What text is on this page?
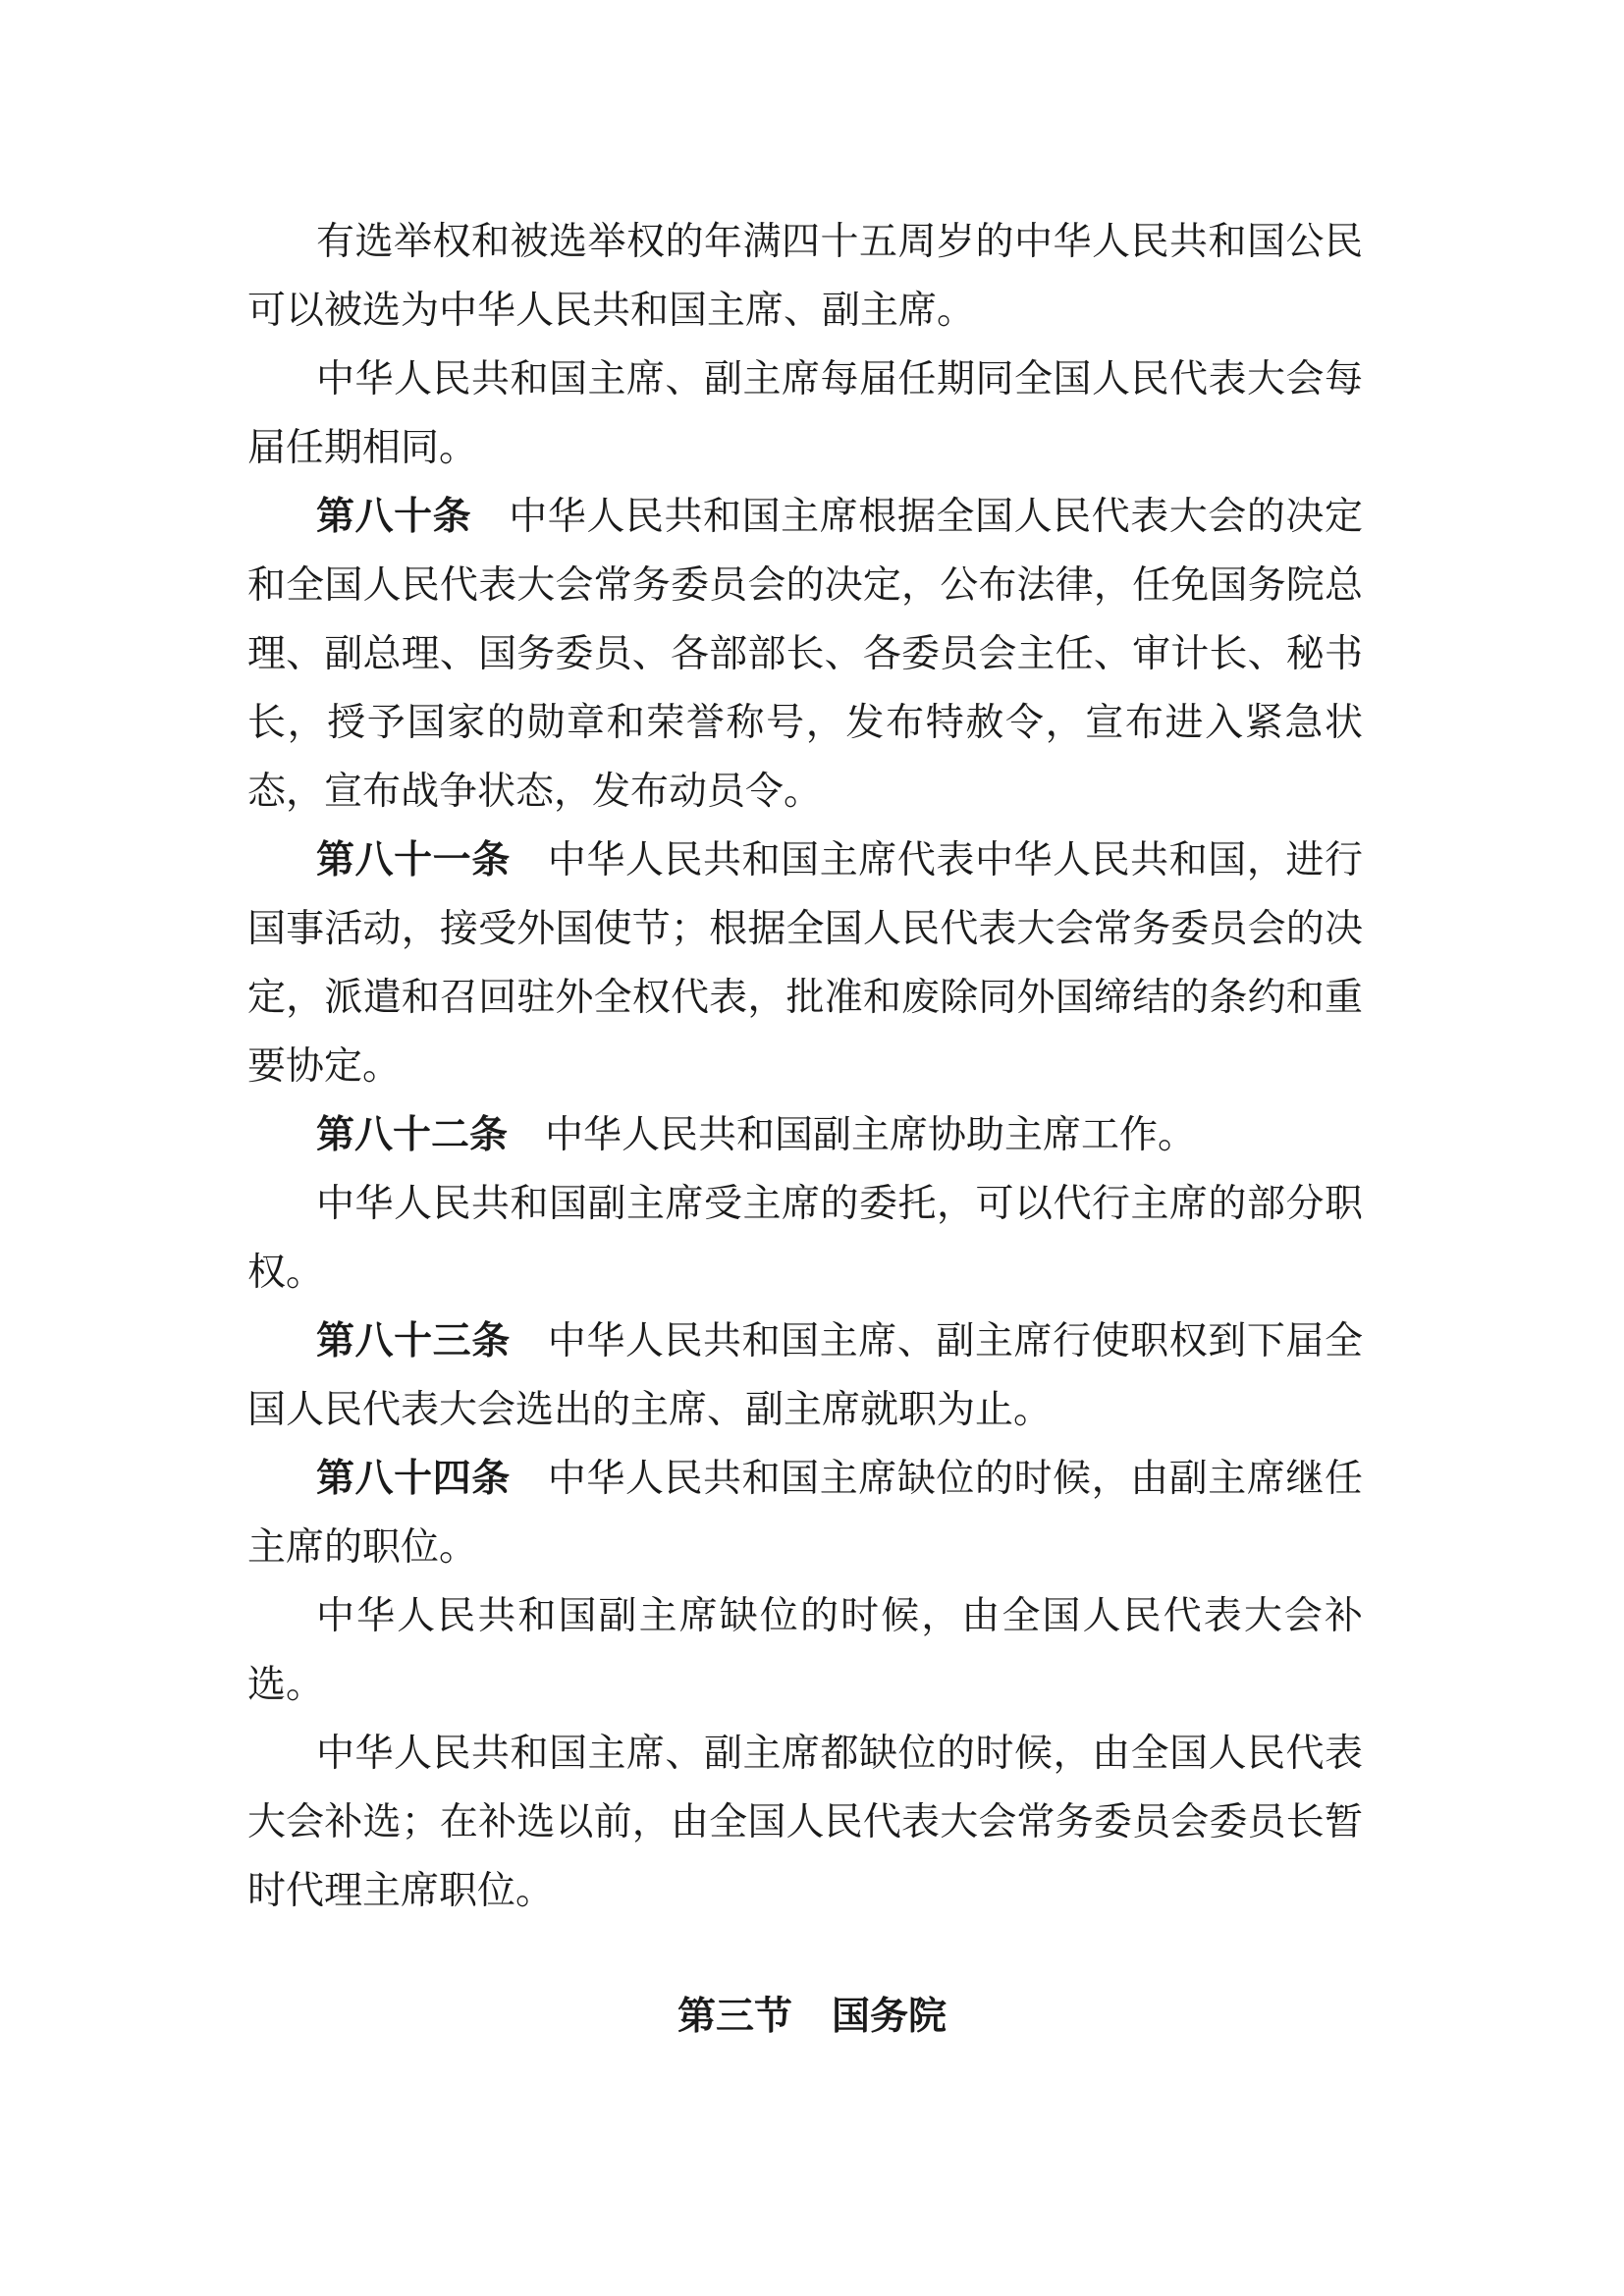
有选举权和被选举权的年满四十五周岁的中华人民共和国公民可以被选为中华人民共和国主席、副主席。

中华人民共和国主席、副主席每届任期同全国人民代表大会每届任期相同。

第八十条 中华人民共和国主席根据全国人民代表大会的决定和全国人民代表大会常务委员会的决定，公布法律，任免国务院总理、副总理、国务委员、各部部长、各委员会主任、审计长、秘书长，授予国家的勋章和荣誉称号，发布特赦令，宣布进入紧急状态，宣布战争状态，发布动员令。

第八十一条 中华人民共和国主席代表中华人民共和国，进行国事活动，接受外国使节；根据全国人民代表大会常务委员会的决定，派遣和召回驻外全权代表，批准和废除同外国缔结的条约和重要协定。

第八十二条 中华人民共和国副主席协助主席工作。

中华人民共和国副主席受主席的委托，可以代行主席的部分职权。

第八十三条 中华人民共和国主席、副主席行使职权到下届全国人民代表大会选出的主席、副主席就职为止。

第八十四条 中华人民共和国主席缺位的时候，由副主席继任主席的职位。

中华人民共和国副主席缺位的时候，由全国人民代表大会补选。

中华人民共和国主席、副主席都缺位的时候，由全国人民代表大会补选；在补选以前，由全国人民代表大会常务委员会委员长暂时代理主席职位。

第三节 国务院
